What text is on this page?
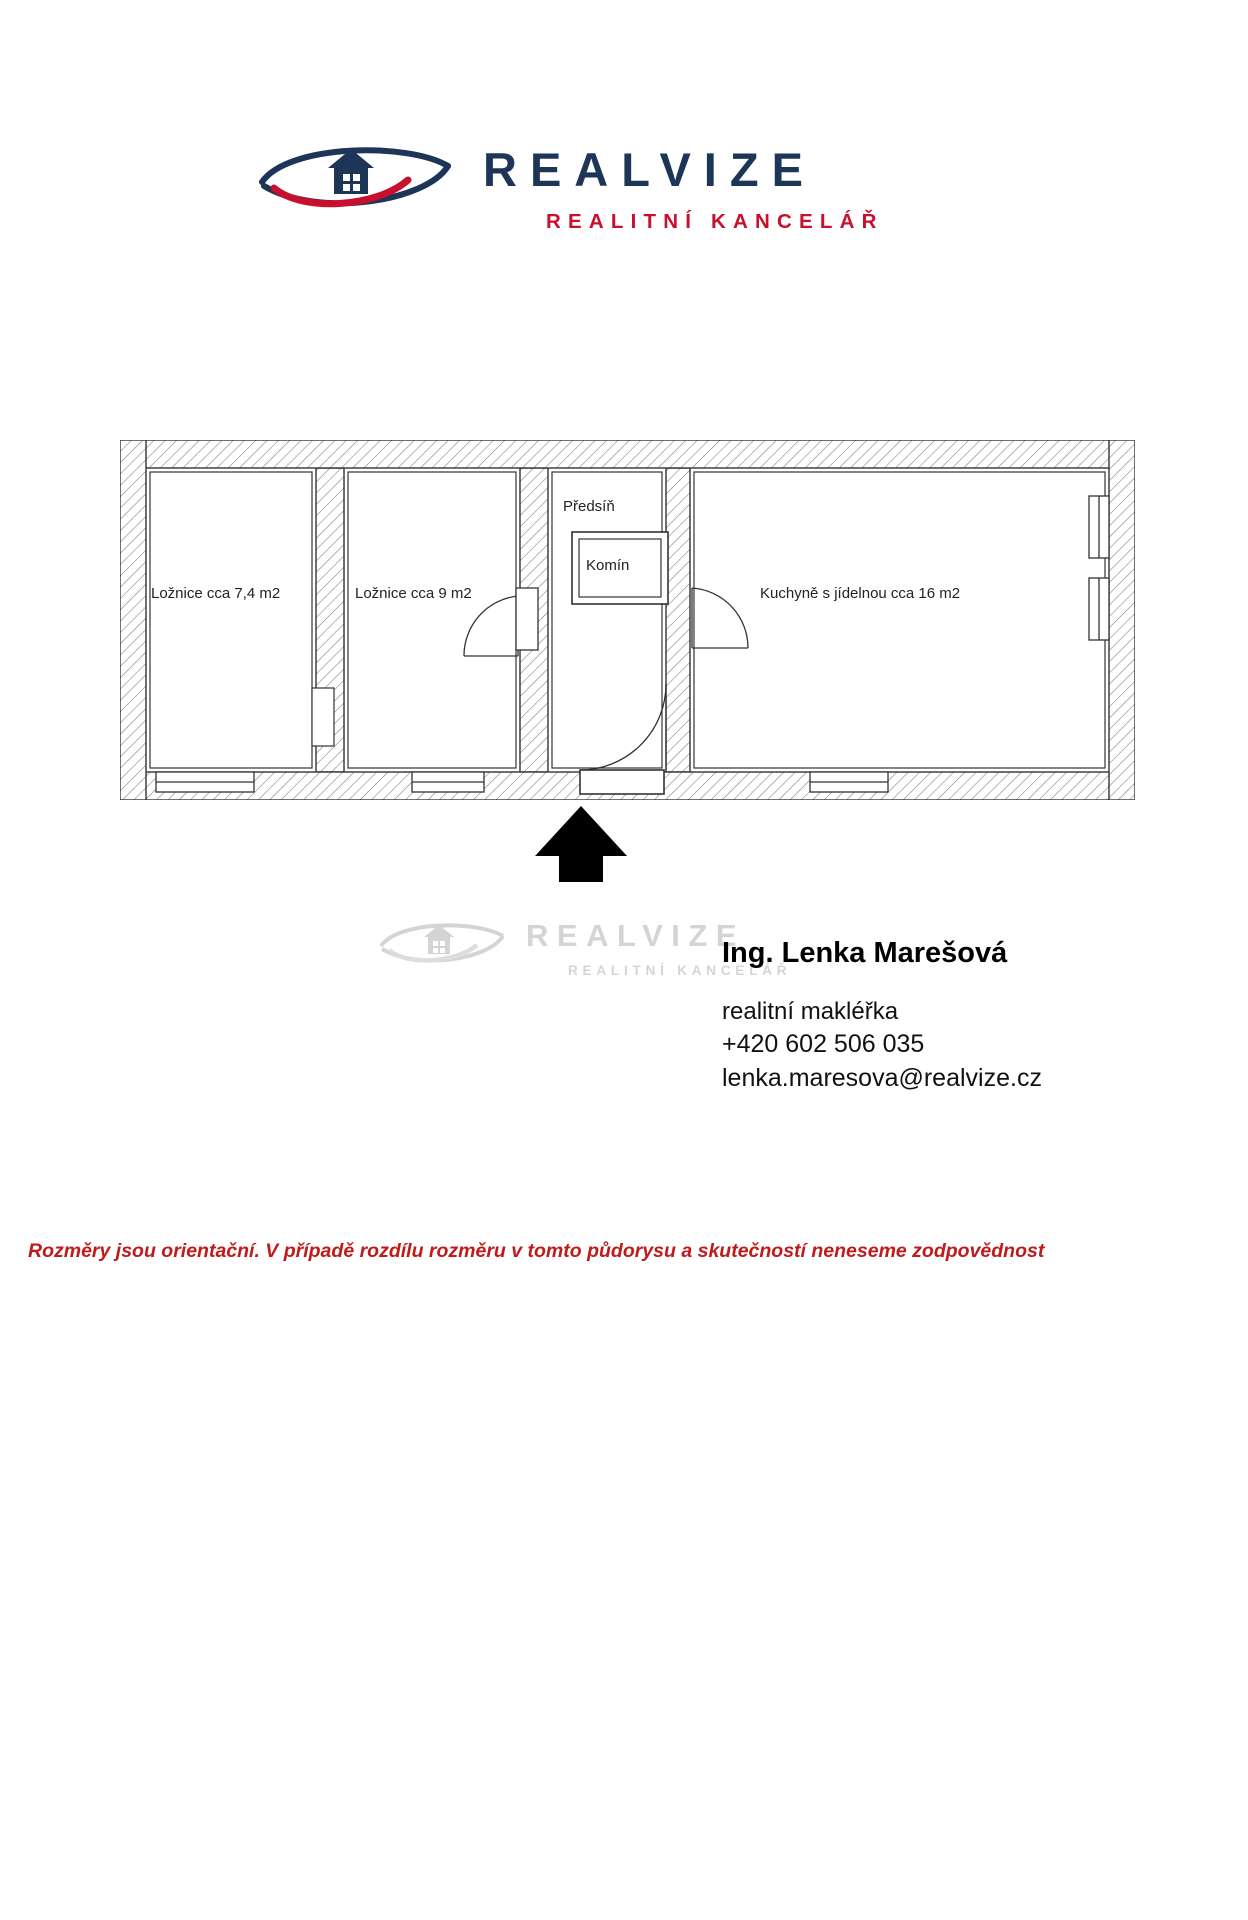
REALVIZE
REALITNÍ KANCELÁŘ
Ložnice cca 7,4 m2	Ložnice cca 9 m2
Předsíň
Komín
Kuchyně s jídelnou cca 16 m2
REALVIZE
REALITNÍ KANCELÁŘ
Ing. Lenka Marešová
realitní makléřka
+420 602 506 035
lenka.maresova@realvize.cz
Rozměry jsou orientační. V případě rozdílu rozměru v tomto půdorysu a skutečností neneseme zodpovědnost
